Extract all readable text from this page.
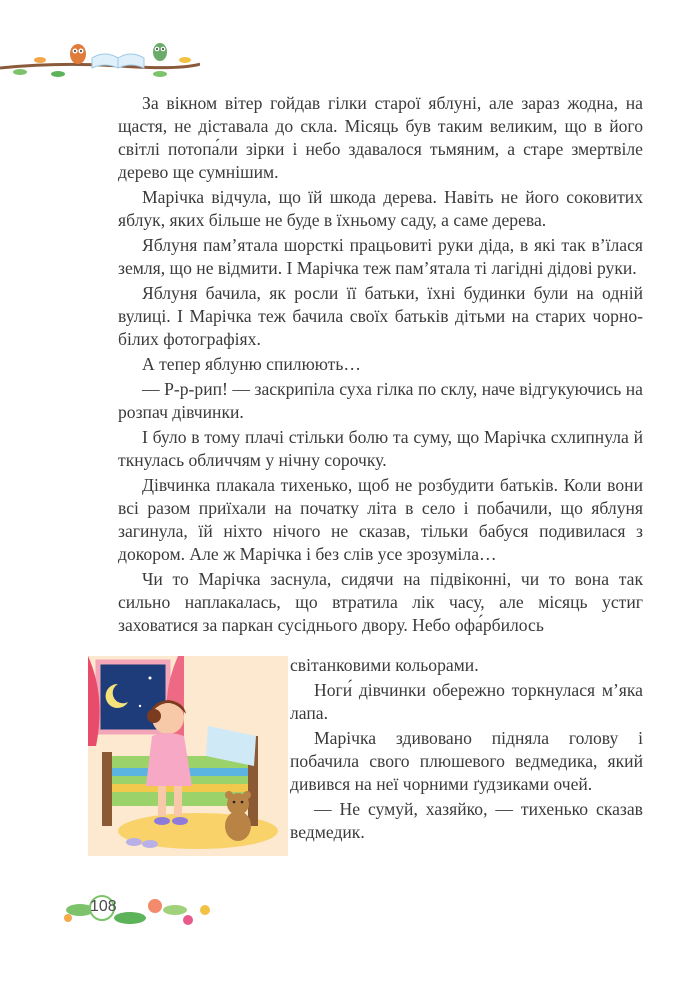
За вікном вітер гойдав гілки старої яблуні, але зараз жодна, на щастя, не діставала до скла. Місяць був таким великим, що в його світлі потопа́ли зірки і небо здавалося тьмяним, а старе змертвіле дерево ще сумнішим.

Марічка відчула, що їй шкода дерева. Навіть не його соковитих яблук, яких більше не буде в їхньому саду, а саме дерева.

Яблуня пам’ятала шорсткі працьовиті руки діда, в які так в’їлася земля, що не відмити. І Марічка теж пам’ятала ті лагідні дідові руки.

Яблуня бачила, як росли її батьки, їхні будинки були на одній вулиці. І Марічка теж бачила своїх батьків дітьми на старих чорно-білих фотографіях.

А тепер яблуню спилюють…

— Р-р-рип! — заскрипіла суха гілка по склу, наче відгукуючись на розпач дівчинки.

І було в тому плачі стільки болю та суму, що Марічка схлипнула й ткнулась обличчям у нічну сорочку.

Дівчинка плакала тихенько, щоб не розбудити батьків. Коли вони всі разом приїхали на початку літа в село і побачили, що яблуня загинула, їй ніхто нічого не сказав, тільки бабуся подивилася з докором. Але ж Марічка і без слів усе зрозуміла…

Чи то Марічка заснула, сидячи на підвіконні, чи то вона так сильно наплакалась, що втратила лік часу, але місяць устиг заховатися за паркан сусіднього двору. Небо офа́рбилось

світанковими кольорами.

Ноги́ дівчинки обережно торкнулася м’яка лапа.

Марічка здивовано підняла голову і побачила свого плюшевого ведмедика, який дивився на неї чорними ґудзиками очей.

— Не сумуй, хазяйко, — тихенько сказав ведмедик.

108
